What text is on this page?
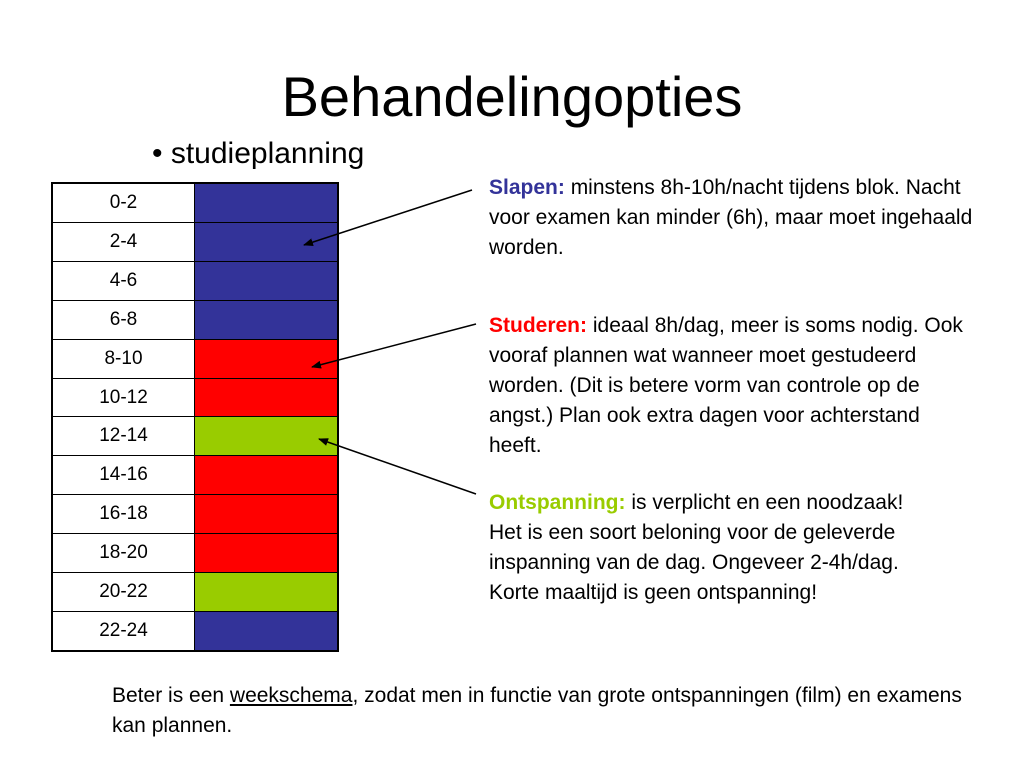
Behandelingopties
• studieplanning
0-2	
2-4	
4-6	
6-8	
8-10	
10-12	
12-14	
14-16	
16-18	
18-20	
20-22	
22-24	
Slapen: minstens 8h-10h/nacht tijdens blok. Nacht voor examen kan minder (6h), maar moet ingehaald worden.
Studeren: ideaal 8h/dag, meer is soms nodig. Ook vooraf plannen wat wanneer moet gestudeerd worden. (Dit is betere vorm van controle op de angst.) Plan ook extra dagen voor achterstand heeft.
Ontspanning: is verplicht en een noodzaak! Het is een soort beloning voor de geleverde inspanning van de dag. Ongeveer 2-4h/dag. Korte maaltijd is geen ontspanning!
Beter is een weekschema, zodat men in functie van grote ontspanningen (film) en examens kan plannen.
